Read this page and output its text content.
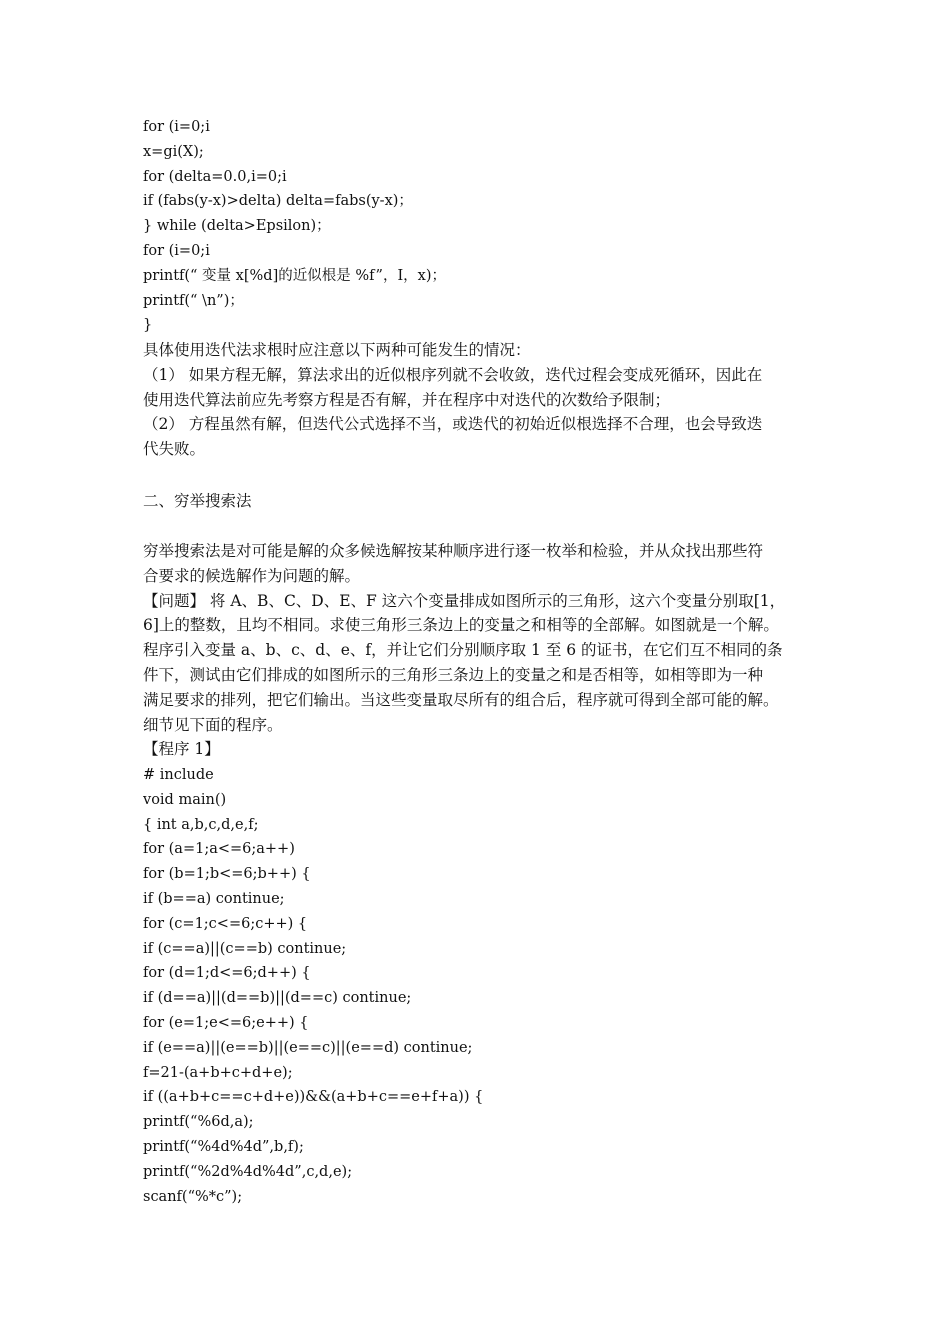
for (i=0;i
x=gi(X);
for (delta=0.0,i=0;i
if (fabs(y-x)>delta) delta=fabs(y-x)；
} while (delta>Epsilon)；
for (i=0;i
printf(“ 变量 x[%d]的近似根是 %f”，I，x)；
printf(“ \n”)；
}
具体使用迭代法求根时应注意以下两种可能发生的情况：
（1） 如果方程无解，算法求出的近似根序列就不会收敛，迭代过程会变成死循环，因此在
使用迭代算法前应先考察方程是否有解，并在程序中对迭代的次数给予限制；
（2） 方程虽然有解，但迭代公式选择不当，或迭代的初始近似根选择不合理，也会导致迭
代失败。
二、穷举搜索法
穷举搜索法是对可能是解的众多候选解按某种顺序进行逐一枚举和检验，并从众找出那些符
合要求的候选解作为问题的解。
【问题】 将 A、B、C、D、E、F 这六个变量排成如图所示的三角形，这六个变量分别取[1，
6]上的整数，且均不相同。求使三角形三条边上的变量之和相等的全部解。如图就是一个解。
程序引入变量 a、b、c、d、e、f，并让它们分别顺序取 1 至 6 的证书，在它们互不相同的条
件下，测试由它们排成的如图所示的三角形三条边上的变量之和是否相等，如相等即为一种
满足要求的排列，把它们输出。当这些变量取尽所有的组合后，程序就可得到全部可能的解。
细节见下面的程序。
【程序 1】
# include
void main()
{ int a,b,c,d,e,f;
for (a=1;a<=6;a++)
for (b=1;b<=6;b++) {
if (b==a) continue;
for (c=1;c<=6;c++) {
if (c==a)||(c==b) continue;
for (d=1;d<=6;d++) {
if (d==a)||(d==b)||(d==c) continue;
for (e=1;e<=6;e++) {
if (e==a)||(e==b)||(e==c)||(e==d) continue;
f=21-(a+b+c+d+e);
if ((a+b+c==c+d+e))&&(a+b+c==e+f+a)) {
printf(“%6d,a);
printf(“%4d%4d”,b,f);
printf(“%2d%4d%4d”,c,d,e);
scanf(“%*c”);
